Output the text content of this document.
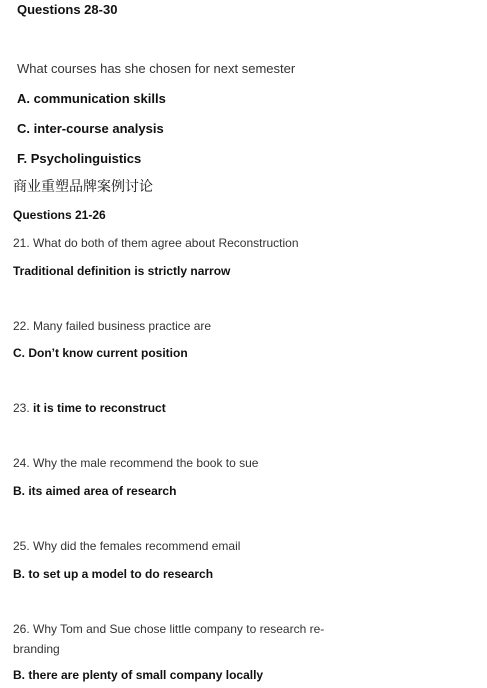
Questions 28-30
What courses has she chosen for next semester
A. communication skills
C. inter-course analysis
F. Psycholinguistics
商业重塑品牌案例讨论
Questions 21-26
21. What do both of them agree about Reconstruction
Traditional definition is strictly narrow
22. Many failed business practice are
C. Don’t know current position
23. it is time to reconstruct
24. Why the male recommend the book to sue
B. its aimed area of research
25. Why did the females recommend email
B. to set up a model to do research
26. Why Tom and Sue chose little company to research re-
branding
B. there are plenty of small company locally
